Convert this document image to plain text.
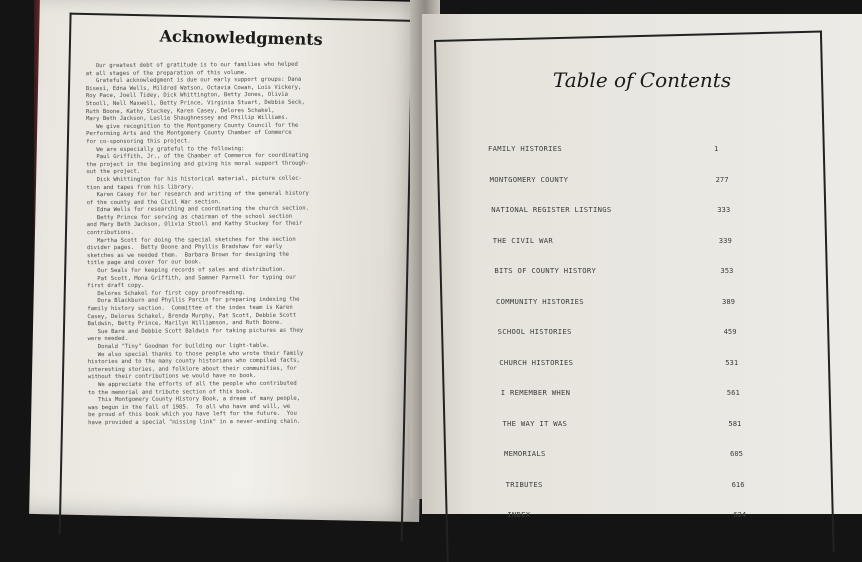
Acknowledgments
Our greatest debt of gratitude is to our families who helped
at all stages of the preparation of this volume.
Grateful acknowledgment is due our early support groups: Dana
Bisesi, Edna Wells, Mildred Watson, Octavia Cowan, Lois Vickery,
Roy Pace, Joell Tidey, Dick Whittington, Betty Jones, Olivia
Stooll, Nell Maxwell, Betty Prince, Virginia Stuart, Debbie Seck,
Ruth Boone, Kathy Stuckey, Karen Casey, Delores Schakel,
Mary Beth Jackson, Leslie Shaughnessey and Phillip Williams.
We give recognition to the Montgomery County Council for the
Performing Arts and the Montgomery County Chamber of Commerce
for co-sponsoring this project.
We are especially grateful to the following:
Paul Griffith, Jr., of the Chamber of Commerce for coordinating
the project in the beginning and giving his moral support through-
out the project.
Dick Whittington for his historical material, picture collec-
tion and tapes from his library.
Karen Casey for her research and writing of the general history
of the county and the Civil War section.
Edna Wells for researching and coordinating the church section.
Betty Prince for serving as chairman of the school section
and Mary Beth Jackson, Olivia Stooll and Kathy Stuckey for their
contributions.
Martha Scott for doing the special sketches for the section
divider pages.  Betty Boone and Phyllis Bradshaw for early
sketches as we needed them.  Barbara Brown for designing the
title page and cover for our book.
Our Seals for keeping records of sales and distribution.
Pat Scott, Mona Griffith, and Sammer Parnell for typing our
first draft copy.
Delores Schakel for first copy proofreading.
Dora Blackburn and Phyllis Parcin for preparing indexing the
family history section.  Committee of the index team is Karen
Casey, Delores Schakel, Brenda Murphy, Pat Scott, Debbie Scott
Baldwin, Betty Prince, Marilyn Williamson, and Ruth Boone.
Sue Bare and Debbie Scott Baldwin for taking pictures as they
were needed.
Donald "Tiny" Goodman for building our light-table.
We also special thanks to those people who wrote their family
histories and to the many county historians who compiled facts,
interesting stories, and folklore about their communities, for
without their contributions we would have no book.
We appreciate the efforts of all the people who contributed
to the memorial and tribute section of this book.
This Montgomery County History Book, a dream of many people,
was begun in the fall of 1985.  To all who have and will, we
be proud of this book which you have left for the future.  You
have provided a special "missing link" in a never-ending chain.
Table of Contents
FAMILY HISTORIES	1
MONTGOMERY COUNTY	277
NATIONAL REGISTER LISTINGS	333
THE CIVIL WAR	339
BITS OF COUNTY HISTORY	353
COMMUNITY HISTORIES	389
SCHOOL HISTORIES	459
CHURCH HISTORIES	531
I REMEMBER WHEN	561
THE WAY IT WAS	581
MEMORIALS	605
TRIBUTES	616
INDEX	624
